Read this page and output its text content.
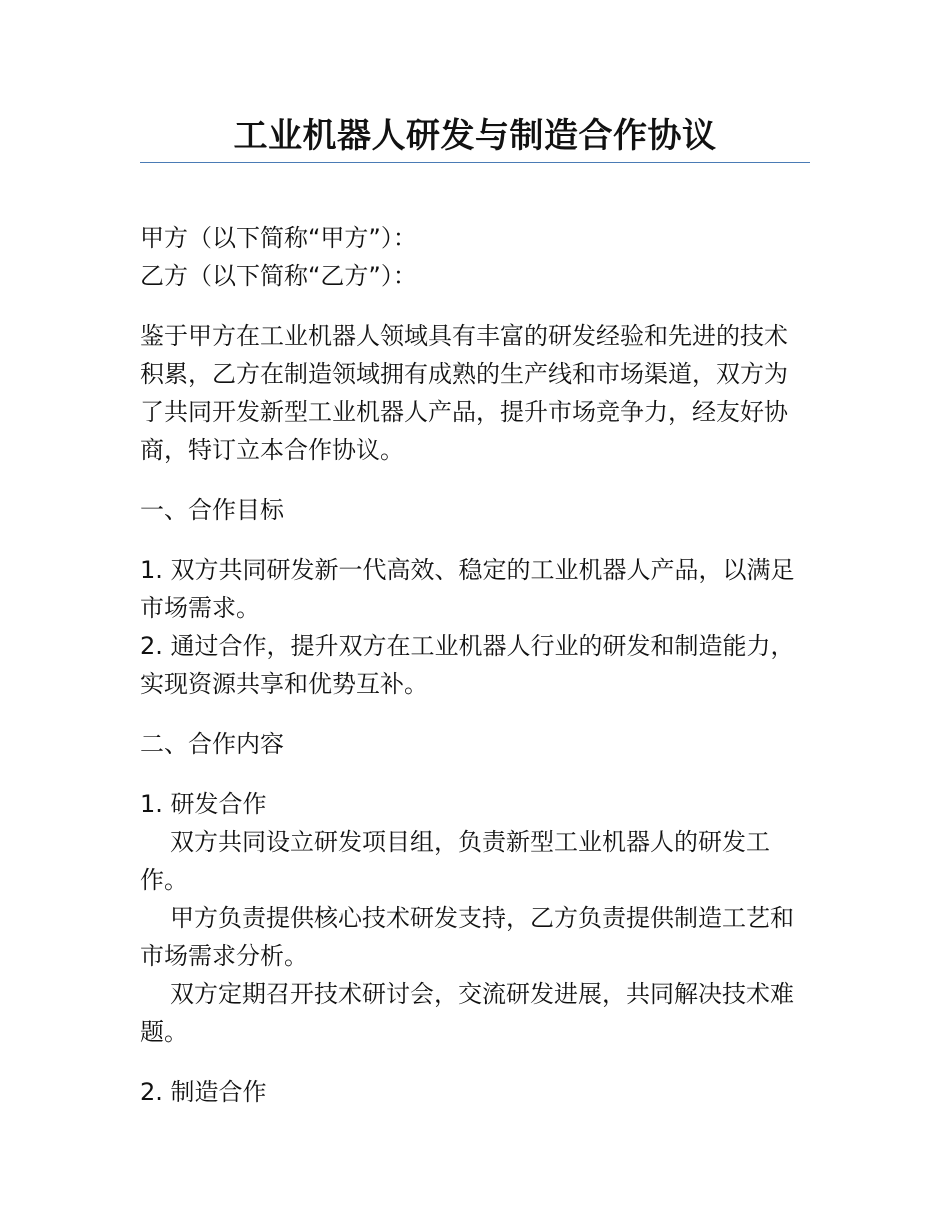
工业机器人研发与制造合作协议

甲方（以下简称“甲方”）：

乙方（以下简称“乙方”）：

鉴于甲方在工业机器人领域具有丰富的研发经验和先进的技术积累，乙方在制造领域拥有成熟的生产线和市场渠道，双方为了共同开发新型工业机器人产品，提升市场竞争力，经友好协商，特订立本合作协议。

一、合作目标

1. 双方共同研发新一代高效、稳定的工业机器人产品，以满足市场需求。

2. 通过合作，提升双方在工业机器人行业的研发和制造能力，实现资源共享和优势互补。

二、合作内容

1. 研发合作

双方共同设立研发项目组，负责新型工业机器人的研发工作。

甲方负责提供核心技术研发支持，乙方负责提供制造工艺和市场需求分析。

双方定期召开技术研讨会，交流研发进展，共同解决技术难题。

2. 制造合作
